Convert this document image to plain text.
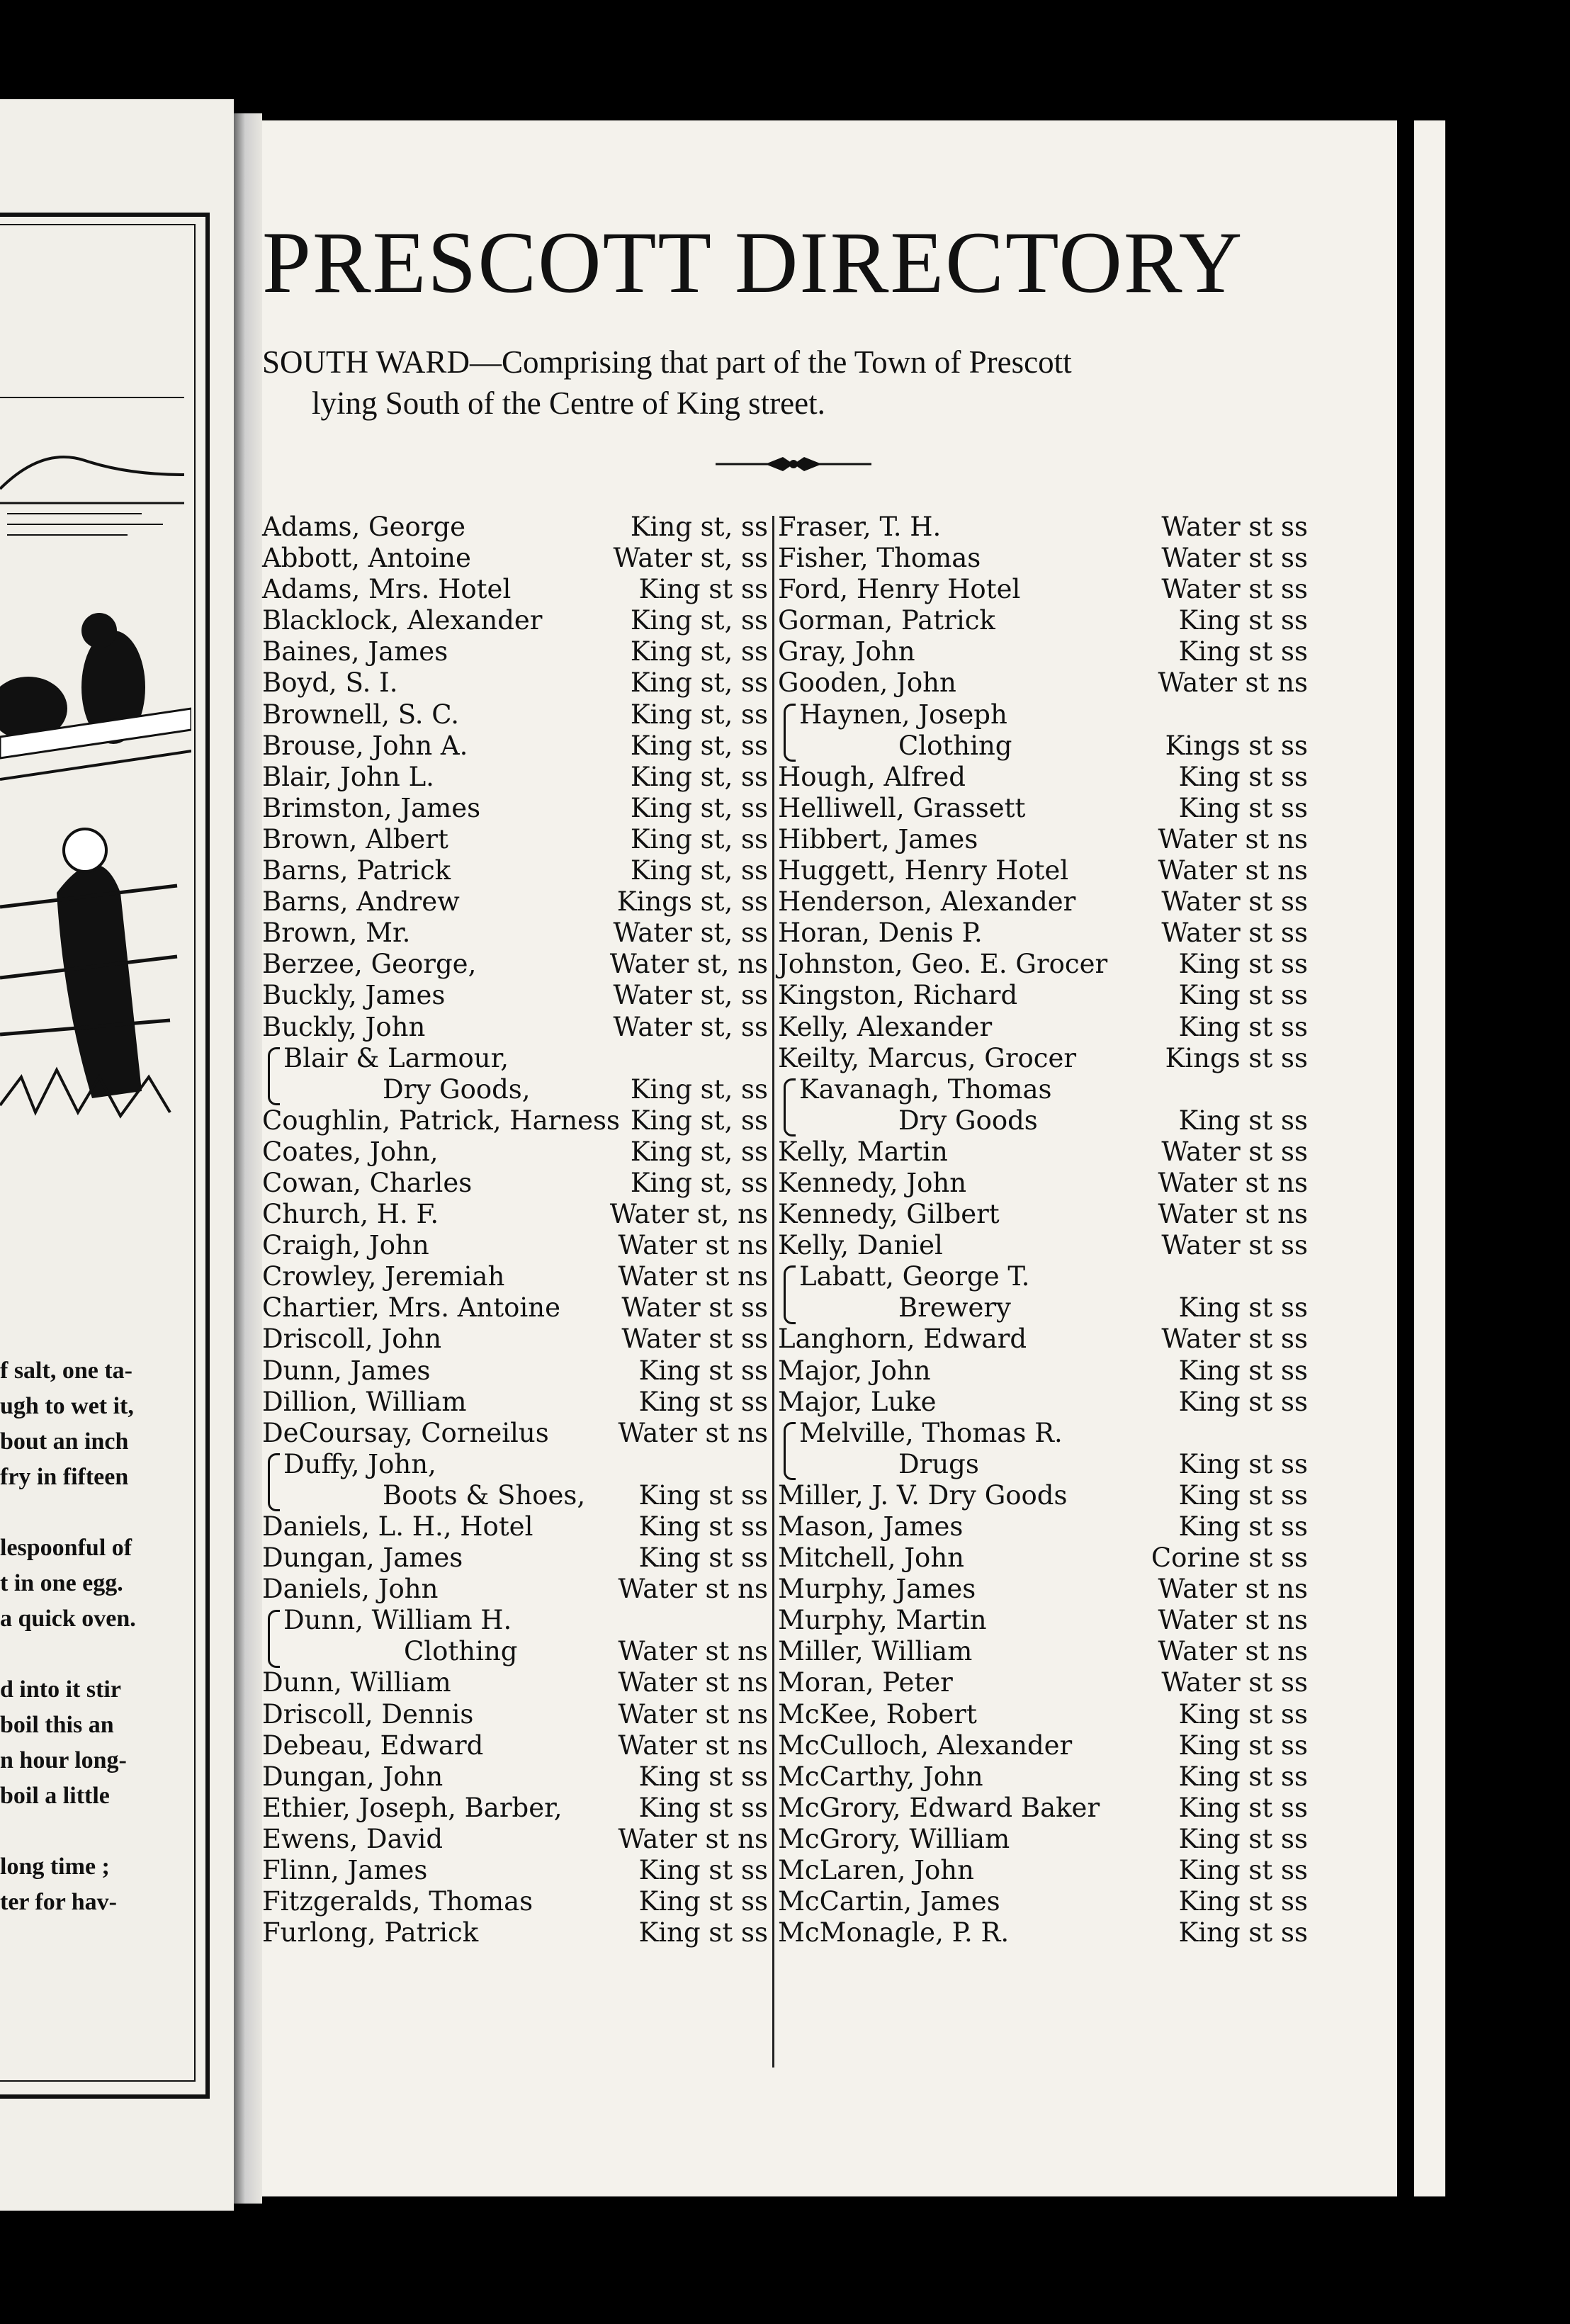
f salt, one ta-
ugh to wet it,
bout an inch
fry in fifteen
lespoonful of
t in one egg.
a quick oven.
d into it stir
boil this an
n hour long-
boil a little
long time ;
ter for hav-
PRESCOTT DIRECTORY
SOUTH WARD—Comprising that part of the Town of Prescott
lying South of the Centre of King street.
Adams, George	King st, ss
Abbott, Antoine	Water st, ss
Adams, Mrs. Hotel	King st ss
Blacklock, Alexander	King st, ss
Baines, James	King st, ss
Boyd, S. I.	King st, ss
Brownell, S. C.	King st, ss
Brouse, John A.	King st, ss
Blair, John L.	King st, ss
Brimston, James	King st, ss
Brown, Albert	King st, ss
Barns, Patrick	King st, ss
Barns, Andrew	Kings st, ss
Brown, Mr.	Water st, ss
Berzee, George,	Water st, ns
Buckly, James	Water st, ss
Buckly, John	Water st, ss
Blair & Larmour,
Dry Goods,	King st, ss
Coughlin, Patrick, Harness King st, ss
Coates, John,	King st, ss
Cowan, Charles	King st, ss
Church, H. F.	Water st, ns
Craigh, John	Water st ns
Crowley, Jeremiah	Water st ns
Chartier, Mrs. Antoine Water st ss
Driscoll, John	Water st ss
Dunn, James	King st ss
Dillion, William	King st ss
DeCoursay, Corneilus	Water st ns
Duffy, John,
Boots & Shoes, King st ss
Daniels, L. H., Hotel	King st ss
Dungan, James	King st ss
Daniels, John	Water st ns
Dunn, William H.
Clothing	Water st ns
Dunn, William	Water st ns
Driscoll, Dennis	Water st ns
Debeau, Edward	Water st ns
Dungan, John	King st ss
Ethier, Joseph, Barber,	King st ss
Ewens, David	Water st ns
Flinn, James	King st ss
Fitzgeralds, Thomas	King st ss
Furlong, Patrick	King st ss
Fraser, T. H.	Water st ss
Fisher, Thomas	Water st ss
Ford, Henry Hotel	Water st ss
Gorman, Patrick	King st ss
Gray, John	King st ss
Gooden, John	Water st ns
Haynen, Joseph
Clothing	Kings st ss
Hough, Alfred	King st ss
Helliwell, Grassett	King st ss
Hibbert, James	Water st ns
Huggett, Henry Hotel	Water st ns
Henderson, Alexander	Water st ss
Horan, Denis P.	Water st ss
Johnston, Geo. E. Grocer	King st ss
Kingston, Richard	King st ss
Kelly, Alexander	King st ss
Keilty, Marcus, Grocer	Kings st ss
Kavanagh, Thomas
Dry Goods	King st ss
Kelly, Martin	Water st ss
Kennedy, John	Water st ns
Kennedy, Gilbert	Water st ns
Kelly, Daniel	Water st ss
Labatt, George T.
Brewery	King st ss
Langhorn, Edward	Water st ss
Major, John	King st ss
Major, Luke	King st ss
Melville, Thomas R.
Drugs	King st ss
Miller, J. V. Dry Goods	King st ss
Mason, James	King st ss
Mitchell, John	Corine st ss
Murphy, James	Water st ns
Murphy, Martin	Water st ns
Miller, William	Water st ns
Moran, Peter	Water st ss
McKee, Robert	King st ss
McCulloch, Alexander	King st ss
McCarthy, John	King st ss
McGrory, Edward Baker	King st ss
McGrory, William	King st ss
McLaren, John	King st ss
McCartin, James	King st ss
McMonagle, P. R.	King st ss
